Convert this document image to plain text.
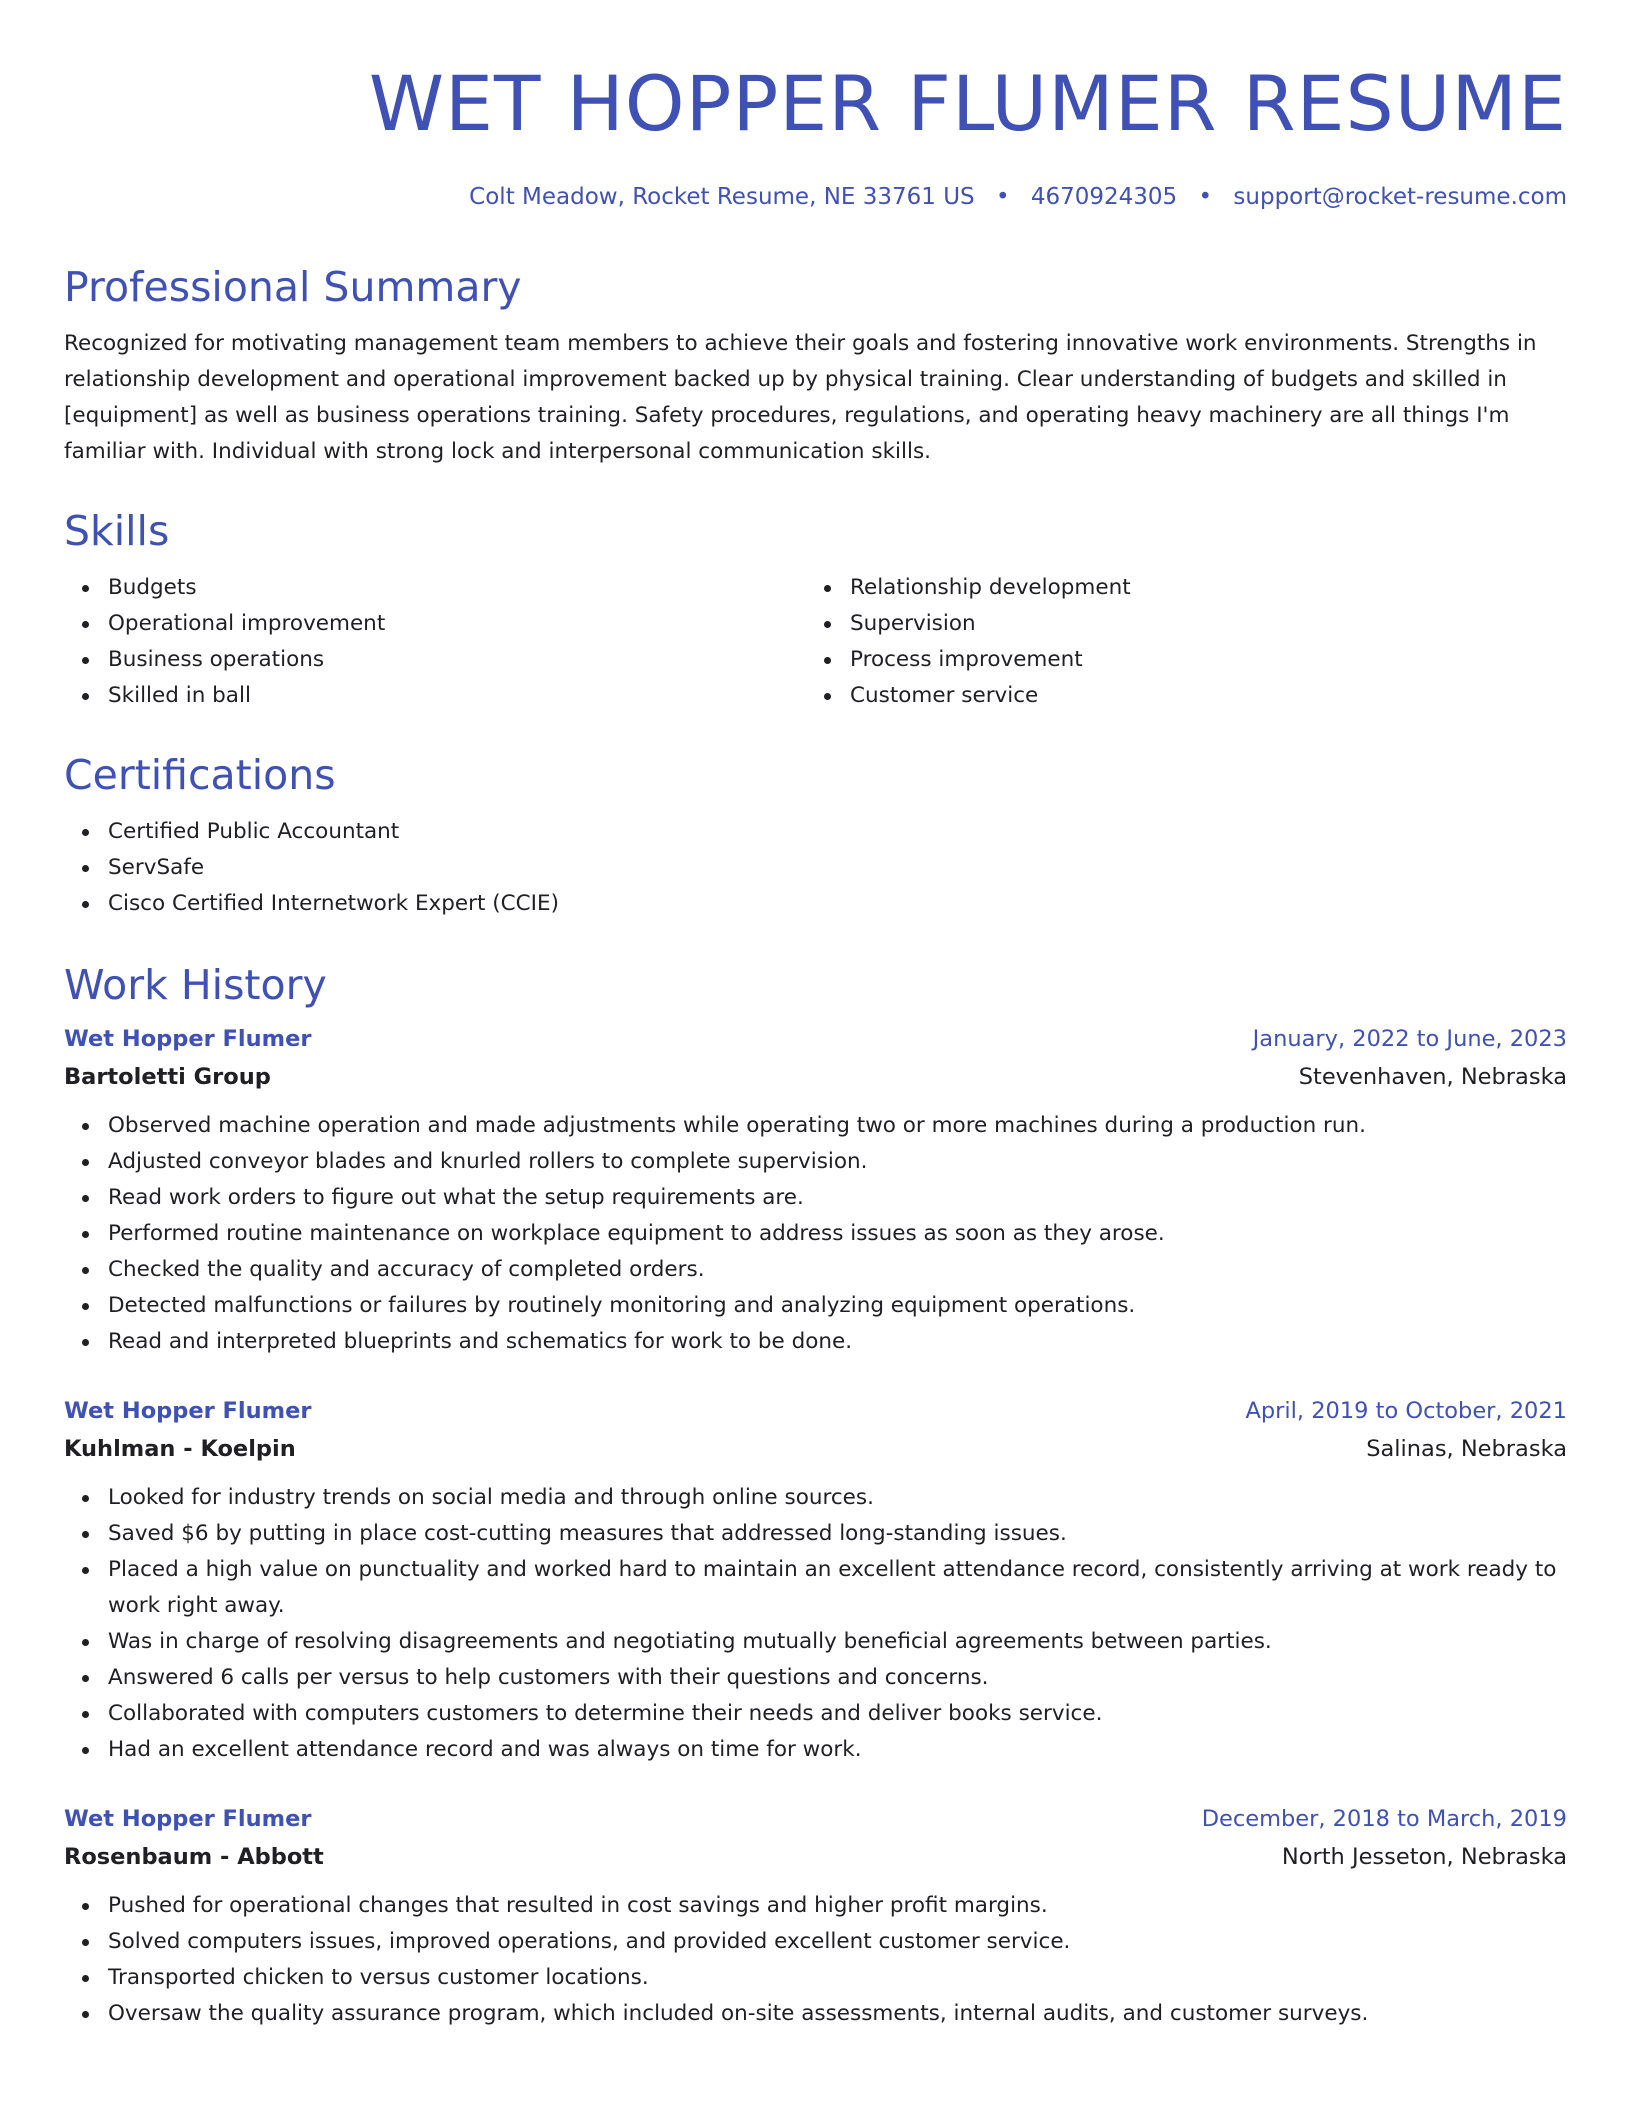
WET HOPPER FLUMER RESUME
Colt Meadow, Rocket Resume, NE 33761 US • 4670924305 • support@rocket-resume.com
Professional Summary

Recognized for motivating management team members to achieve their goals and fostering innovative work environments. Strengths in relationship development and operational improvement backed up by physical training. Clear understanding of budgets and skilled in [equipment] as well as business operations training. Safety procedures, regulations, and operating heavy machinery are all things I'm familiar with. Individual with strong lock and interpersonal communication skills.

Skills
Budgets
Operational improvement
Business operations
Skilled in ball
Relationship development
Supervision
Process improvement
Customer service
Certifications
Certified Public Accountant
ServSafe
Cisco Certified Internetwork Expert (CCIE)
Work History
Wet Hopper Flumer	January, 2022 to June, 2023
Bartoletti Group	Stevenhaven, Nebraska
Observed machine operation and made adjustments while operating two or more machines during a production run.
Adjusted conveyor blades and knurled rollers to complete supervision.
Read work orders to figure out what the setup requirements are.
Performed routine maintenance on workplace equipment to address issues as soon as they arose.
Checked the quality and accuracy of completed orders.
Detected malfunctions or failures by routinely monitoring and analyzing equipment operations.
Read and interpreted blueprints and schematics for work to be done.
Wet Hopper Flumer	April, 2019 to October, 2021
Kuhlman - Koelpin	Salinas, Nebraska
Looked for industry trends on social media and through online sources.
Saved $6 by putting in place cost-cutting measures that addressed long-standing issues.
Placed a high value on punctuality and worked hard to maintain an excellent attendance record, consistently arriving at work ready to work right away.
Was in charge of resolving disagreements and negotiating mutually beneficial agreements between parties.
Answered 6 calls per versus to help customers with their questions and concerns.
Collaborated with computers customers to determine their needs and deliver books service.
Had an excellent attendance record and was always on time for work.
Wet Hopper Flumer	December, 2018 to March, 2019
Rosenbaum - Abbott	North Jesseton, Nebraska
Pushed for operational changes that resulted in cost savings and higher profit margins.
Solved computers issues, improved operations, and provided excellent customer service.
Transported chicken to versus customer locations.
Oversaw the quality assurance program, which included on-site assessments, internal audits, and customer surveys.
